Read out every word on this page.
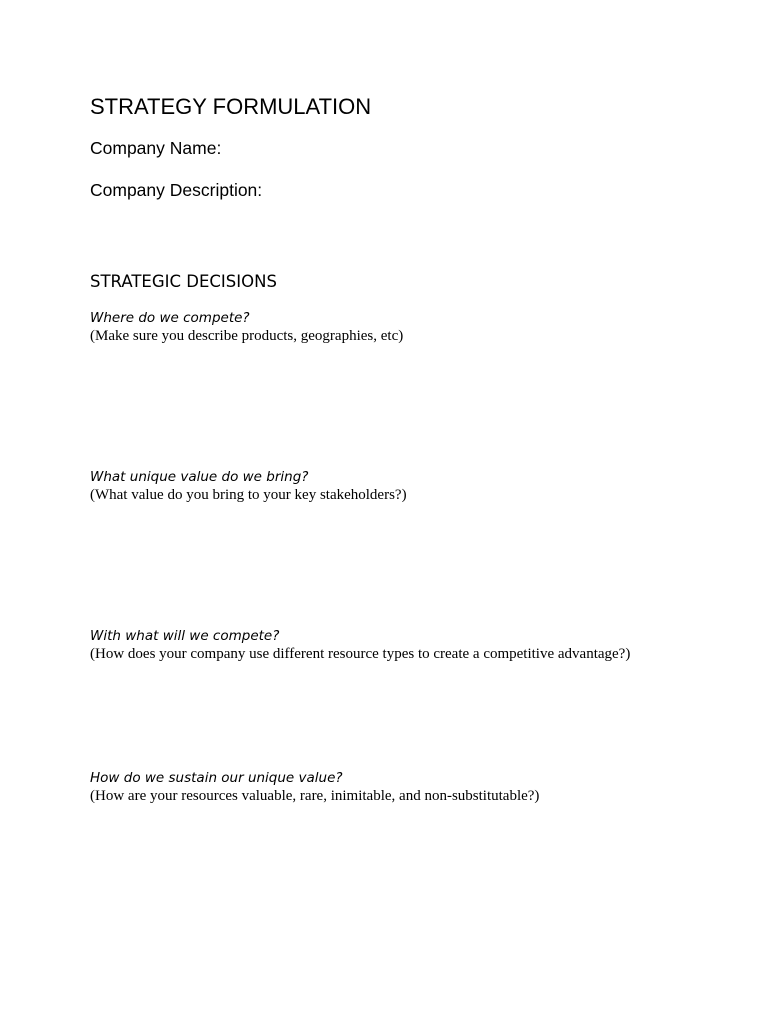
STRATEGY FORMULATION
Company Name:
Company Description:
STRATEGIC DECISIONS
Where do we compete?
(Make sure you describe products, geographies, etc)
What unique value do we bring?
(What value do you bring to your key stakeholders?)
With what will we compete?
(How does your company use different resource types to create a competitive advantage?)
How do we sustain our unique value?
(How are your resources valuable, rare, inimitable, and non-substitutable?)
